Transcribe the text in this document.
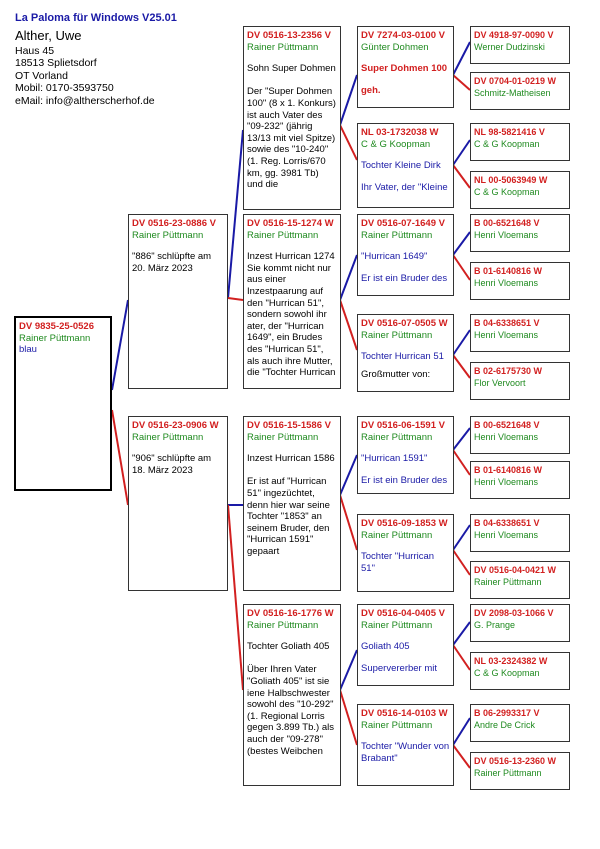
La Paloma für Windows V25.01
Alther, Uwe
Haus 45
18513 Splietsdorf
OT Vorland
Mobil: 0170-3593750
eMail: info@altherscherhof.de
DV 9835-25-0526
Rainer Püttmann
blau
DV 0516-23-0886 V
Rainer Püttmann
"886" schlüpfte am 20. März 2023
DV 0516-23-0906 W
Rainer Püttmann
"906" schlüpfte am 18. März 2023
DV 0516-13-2356 V
Rainer Püttmann
Sohn Super Dohmen

Der "Super Dohmen 100" (8 x 1. Konkurs) ist auch Vater des "09-232" (jährig 13/13 mit viel Spitze) sowie des "10-240" (1. Reg. Lorris/670 km, gg. 3981 Tb) und die
DV 0516-15-1274 W
Rainer Püttmann
Inzest Hurrican 1274 Sie kommt nicht nur aus einer Inzestpaarung auf den "Hurrican 51", sondern sowohl ihr ater, der "Hurrican 1649", ein Brudes des "Hurrican 51", als auch ihre Mutter, die "Tochter Hurrican
DV 0516-15-1586 V
Rainer Püttmann
Inzest Hurrican 1586

Er ist auf "Hurrican 51" ingezüchtet, denn hier war seine Tochter "1853" an seinem Bruder, den "Hurrican 1591" gepaart
DV 0516-16-1776 W
Rainer Püttmann
Tochter Goliath 405

Über Ihren Vater "Goliath 405" ist sie iene Halbschwester sowohl des "10-292" (1. Regional Lorris gegen 3.899 Tb.) als auch der "09-278" (bestes Weibchen
DV 7274-03-0100 V
Günter Dohmen
Super Dohmen 100
geh.
NL 03-1732038 W
C & G Koopman
Tochter Kleine Dirk
Ihr Vater, der "Kleine
DV 0516-07-1649 V
Rainer Püttmann
"Hurrican 1649"
Er ist ein Bruder des
DV 0516-07-0505 W
Rainer Püttmann
Tochter Hurrican 51
Großmutter von:
DV 0516-06-1591 V
Rainer Püttmann
"Hurrican 1591"
Er ist ein Bruder des
DV 0516-09-1853 W
Rainer Püttmann
Tochter "Hurrican 51"
DV 0516-04-0405 V
Rainer Püttmann
Goliath 405
Supervererber mit
DV 0516-14-0103 W
Rainer Püttmann
Tochter "Wunder von Brabant"
DV 4918-97-0090 V
Werner Dudzinski
DV 0704-01-0219 W
Schmitz-Matheisen
NL 98-5821416 V
C & G Koopman
NL 00-5063949 W
C & G Koopman
B 00-6521648 V
Henri Vloemans
B 01-6140816 W
Henri Vloemans
B 04-6338651 V
Henri Vloemans
B 02-6175730 W
Flor Vervoort
B 00-6521648 V
Henri Vloemans
B 01-6140816 W
Henri Vloemans
B 04-6338651 V
Henri Vloemans
DV 0516-04-0421 W
Rainer Püttmann
DV 2098-03-1066 V
G. Prange
NL 03-2324382 W
C & G Koopman
B 06-2993317 V
Andre De Crick
DV 0516-13-2360 W
Rainer Püttmann
